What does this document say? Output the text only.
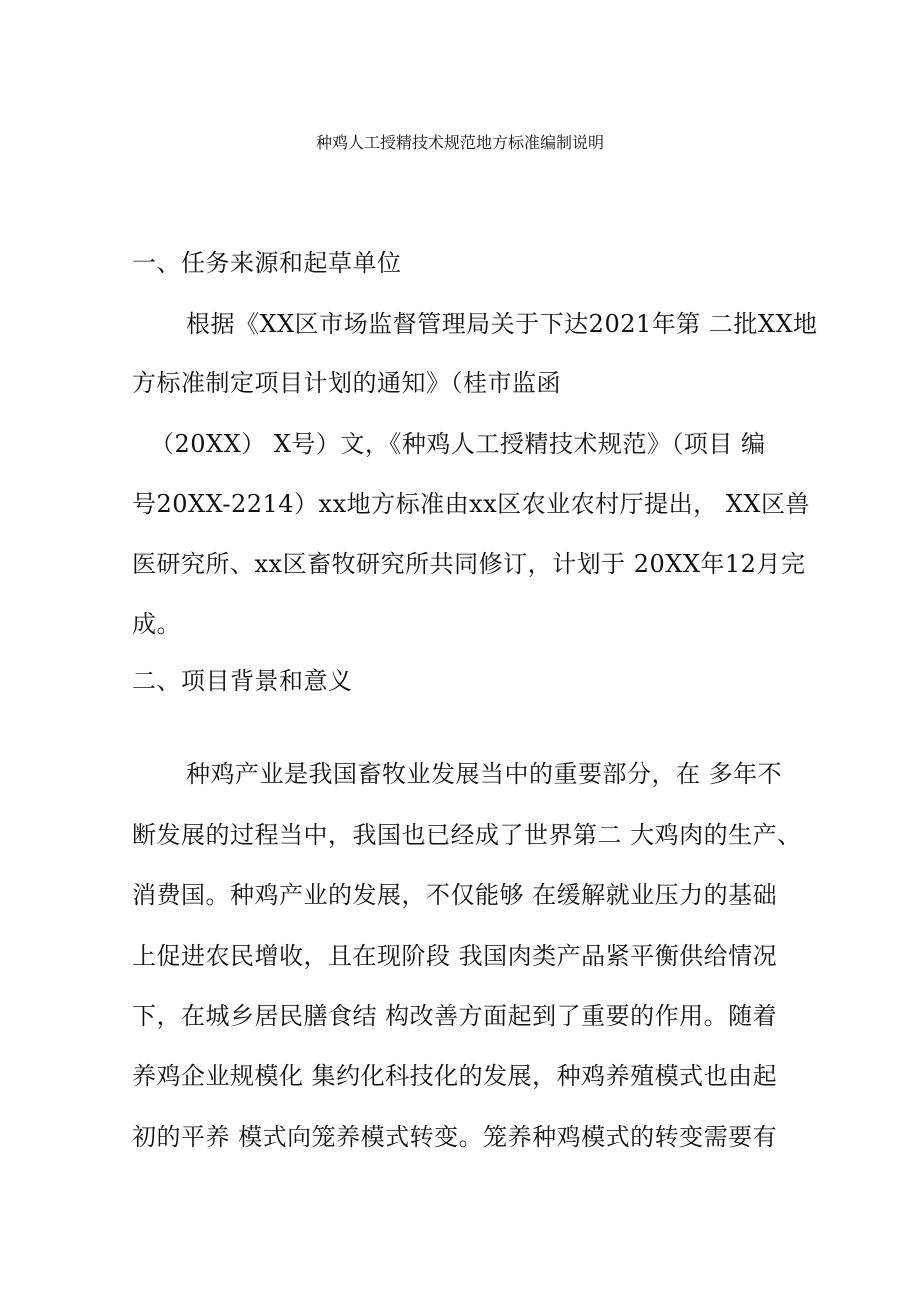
种鸡人工授精技术规范地方标准编制说明
一、任务来源和起草单位
根据《XX区市场监督管理局关于下达2021年第 二批XX地
方标准制定项目计划的通知》（桂市监函
（20XX） X号）文，《种鸡人工授精技术规范》（项目 编
号20XX-2214）xx地方标准由xx区农业农村厅提出， XX区兽
医研究所、xx区畜牧研究所共同修订，计划于 20XX年12月完
成。
二、项目背景和意义
种鸡产业是我国畜牧业发展当中的重要部分，在 多年不
断发展的过程当中，我国也已经成了世界第二 大鸡肉的生产、
消费国。种鸡产业的发展，不仅能够 在缓解就业压力的基础
上促进农民增收，且在现阶段 我国肉类产品紧平衡供给情况
下，在城乡居民膳食结 构改善方面起到了重要的作用。随着
养鸡企业规模化 集约化科技化的发展，种鸡养殖模式也由起
初的平养 模式向笼养模式转变。笼养种鸡模式的转变需要有
